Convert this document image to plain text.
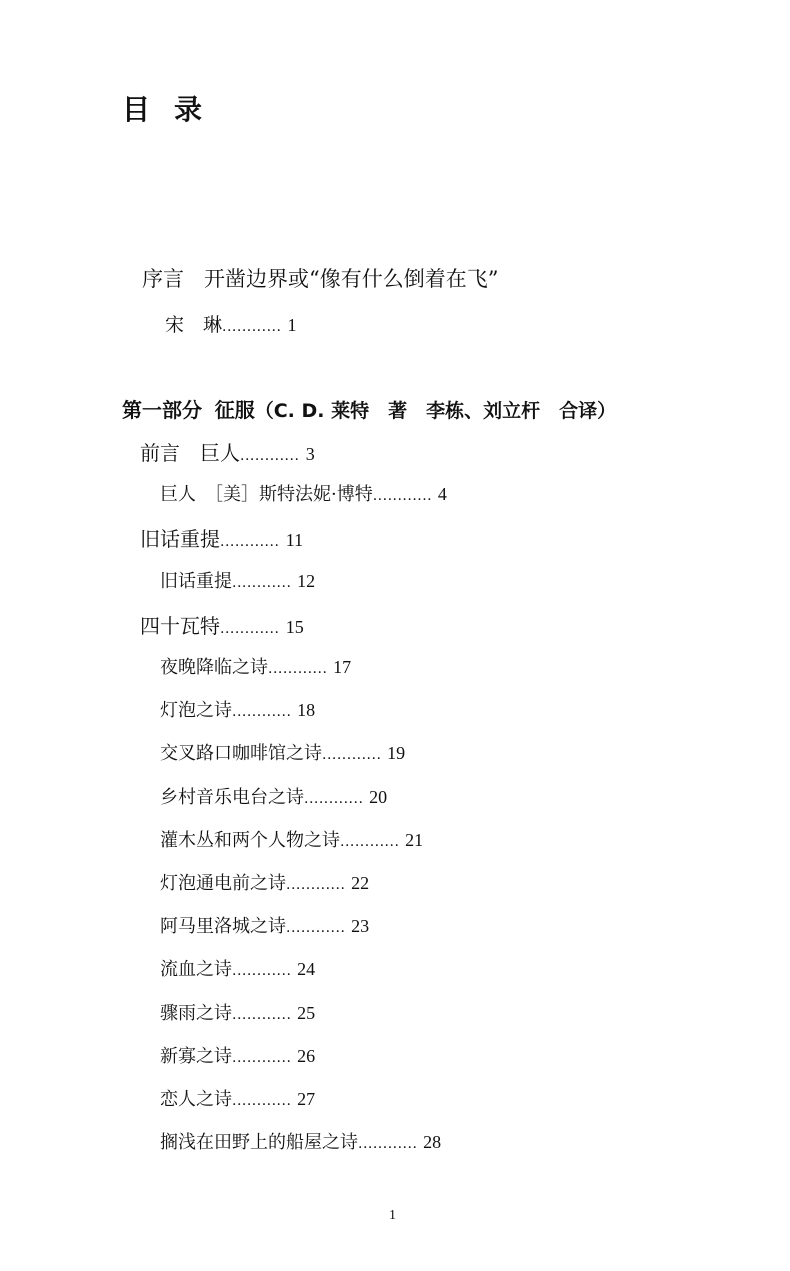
目 录
序言 开凿边界或“像有什么倒着在飞”
宋　琳............ 1
第一部分 征服（C. D. 莱特　著　李栋、刘立杆　合译）
前言　巨人............ 3
巨人　［美］斯特法妮·博特............ 4
旧话重提............ 11
旧话重提............ 12
四十瓦特............ 15
夜晚降临之诗............ 17
灯泡之诗............ 18
交叉路口咖啡馆之诗............ 19
乡村音乐电台之诗............ 20
灌木丛和两个人物之诗............ 21
灯泡通电前之诗............ 22
阿马里洛城之诗............ 23
流血之诗............ 24
骤雨之诗............ 25
新寡之诗............ 26
恋人之诗............ 27
搁浅在田野上的船屋之诗............ 28
1
